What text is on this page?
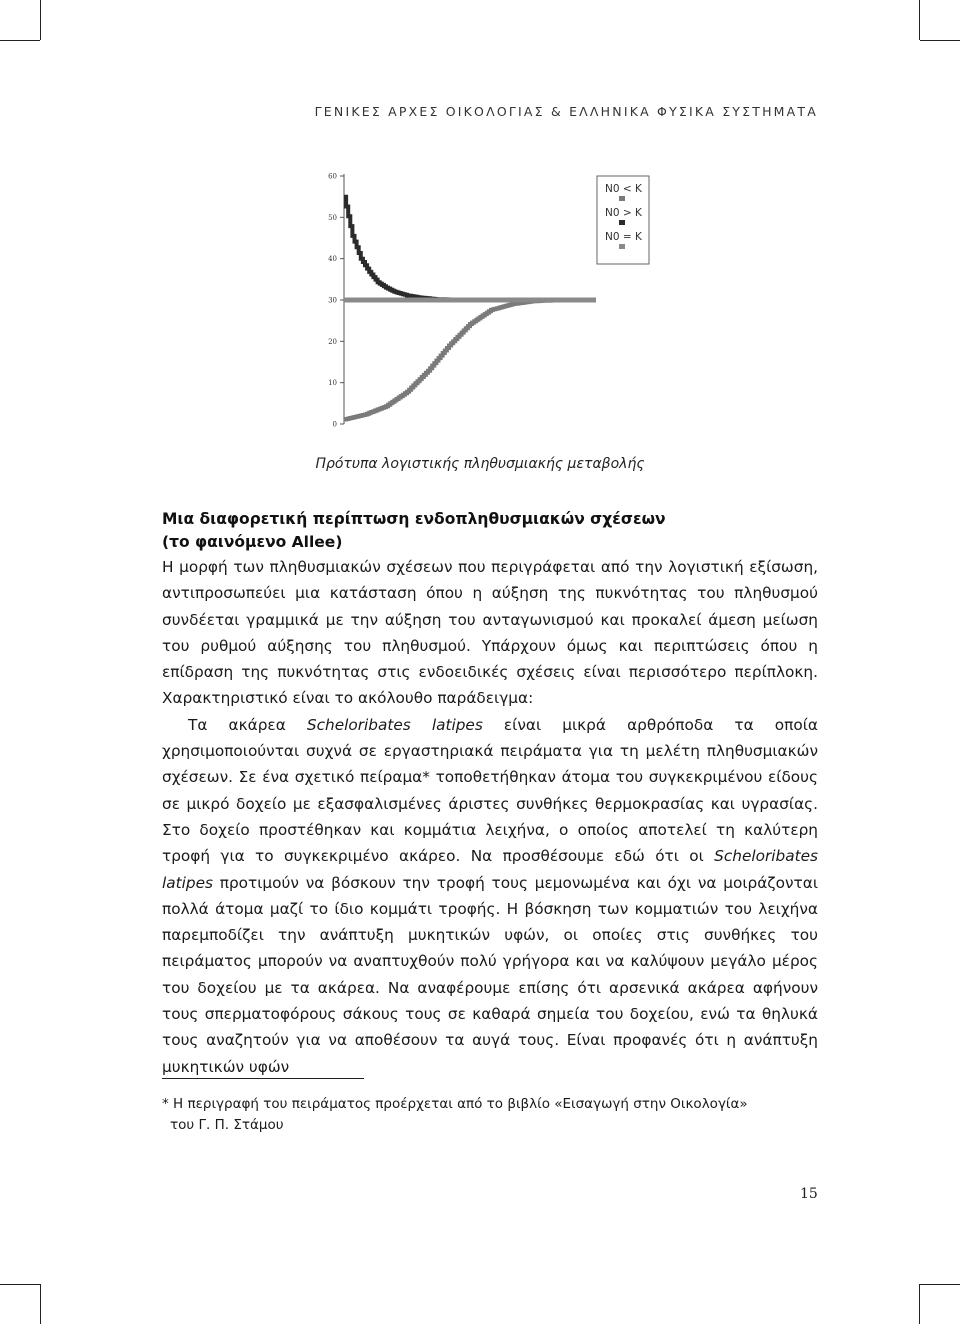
ΓΕΝΙΚΕΣ ΑΡΧΕΣ ΟΙΚΟΛΟΓΙΑΣ & ΕΛΛΗΝΙΚΑ ΦΥΣΙΚΑ ΣΥΣΤΗΜΑΤΑ
0
10
20
30
40
50
60
N0 < K
N0 > K
N0 = K
Πρότυπα λογιστικής πληθυσμιακής μεταβολής
Μια διαφορετική περίπτωση ενδοπληθυσμιακών σχέσεων
(το φαινόμενο Allee)

Η μορφή των πληθυσμιακών σχέσεων που περιγράφεται από την λογιστική εξίσωση, αντιπροσωπεύει μια κατάσταση όπου η αύξηση της πυκνότητας του πληθυσμού συνδέεται γραμμικά με την αύξηση του ανταγωνισμού και προκαλεί άμεση μείωση του ρυθμού αύξησης του πληθυσμού. Υπάρχουν όμως και περιπτώσεις όπου η επίδραση της πυκνότητας στις ενδοειδικές σχέσεις είναι περισσότερο περίπλοκη. Χαρακτηριστικό είναι το ακόλουθο παράδειγμα:

Τα ακάρεα Scheloribates latipes είναι μικρά αρθρόποδα τα οποία χρησιμοποιούνται συχνά σε εργαστηριακά πειράματα για τη μελέτη πληθυσμιακών σχέσεων. Σε ένα σχετικό πείραμα* τοποθετήθηκαν άτομα του συγκεκριμένου είδους σε μικρό δοχείο με εξασφαλισμένες άριστες συνθήκες θερμοκρασίας και υγρασίας. Στο δοχείο προστέθηκαν και κομμάτια λειχήνα, ο οποίος αποτελεί τη καλύτερη τροφή για το συγκεκριμένο ακάρεο. Να προσθέσουμε εδώ ότι οι Scheloribates latipes προτιμούν να βόσκουν την τροφή τους μεμονωμένα και όχι να μοιράζονται πολλά άτομα μαζί το ίδιο κομμάτι τροφής. Η βόσκηση των κομματιών του λειχήνα παρεμποδίζει την ανάπτυξη μυκητικών υφών, οι οποίες στις συνθήκες του πειράματος μπορούν να αναπτυχθούν πολύ γρήγορα και να καλύψουν μεγάλο μέρος του δοχείου με τα ακάρεα. Να αναφέρουμε επίσης ότι αρσενικά ακάρεα αφήνουν τους σπερματοφόρους σάκους τους σε καθαρά σημεία του δοχείου, ενώ τα θηλυκά τους αναζητούν για να αποθέσουν τα αυγά τους. Είναι προφανές ότι η ανάπτυξη μυκητικών υφών

* Η περιγραφή του πειράματος προέρχεται από το βιβλίο «Εισαγωγή στην Οικολογία»
του Γ. Π. Στάμου
15
